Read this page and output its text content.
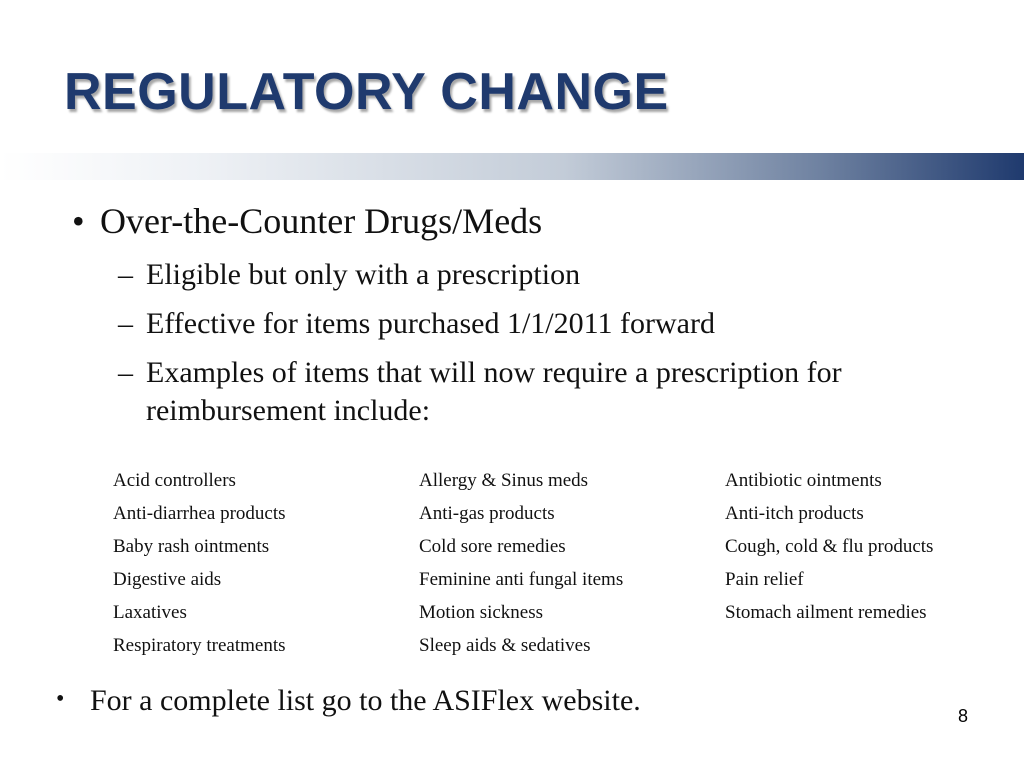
REGULATORY CHANGE
• Over-the-Counter Drugs/Meds
– Eligible but only with a prescription
– Effective for items purchased 1/1/2011 forward
– Examples of items that will now require a prescription for reimbursement include:
Acid controllers	Allergy & Sinus meds	Antibiotic ointments
Anti-diarrhea products	Anti-gas products	Anti-itch products
Baby rash ointments	Cold sore remedies	Cough, cold & flu products
Digestive aids	Feminine anti fungal items	Pain relief
Laxatives	Motion sickness	Stomach ailment remedies
Respiratory treatments	Sleep aids & sedatives	
• For a complete list go to the ASIFlex website.	8
